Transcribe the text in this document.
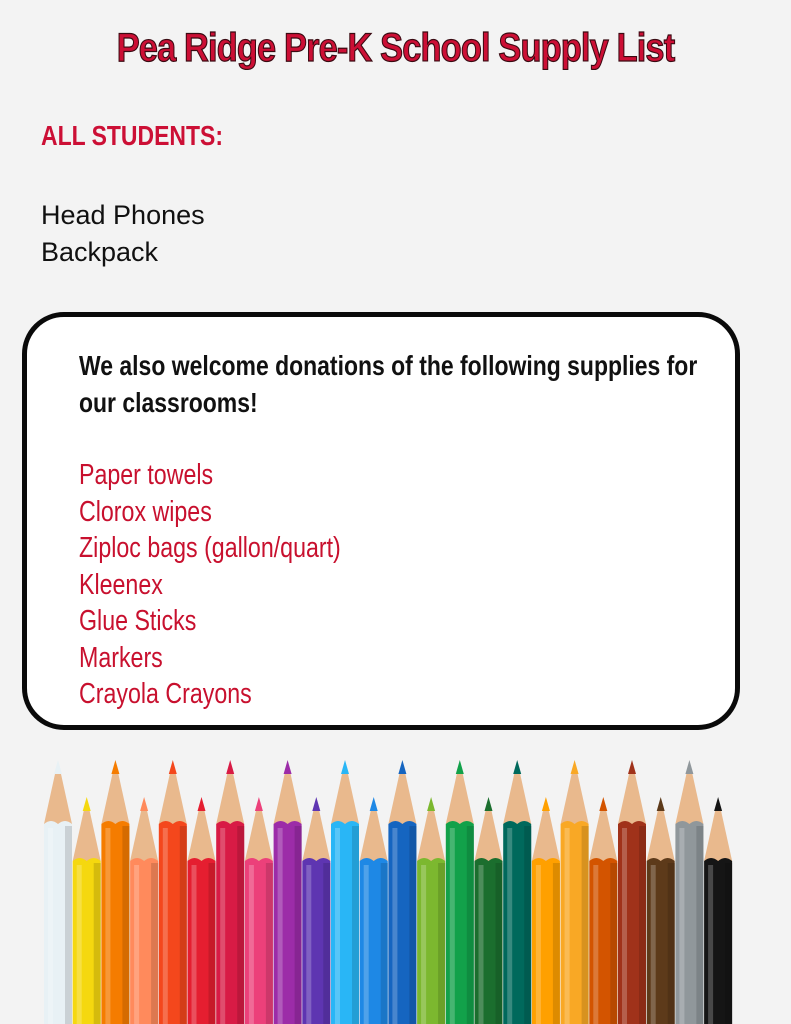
Pea Ridge Pre-K School Supply List
ALL STUDENTS:
Head Phones
Backpack
We also welcome donations of the following supplies for our classrooms!
Paper towels
Clorox wipes
Ziploc bags (gallon/quart)
Kleenex
Glue Sticks
Markers
Crayola Crayons
